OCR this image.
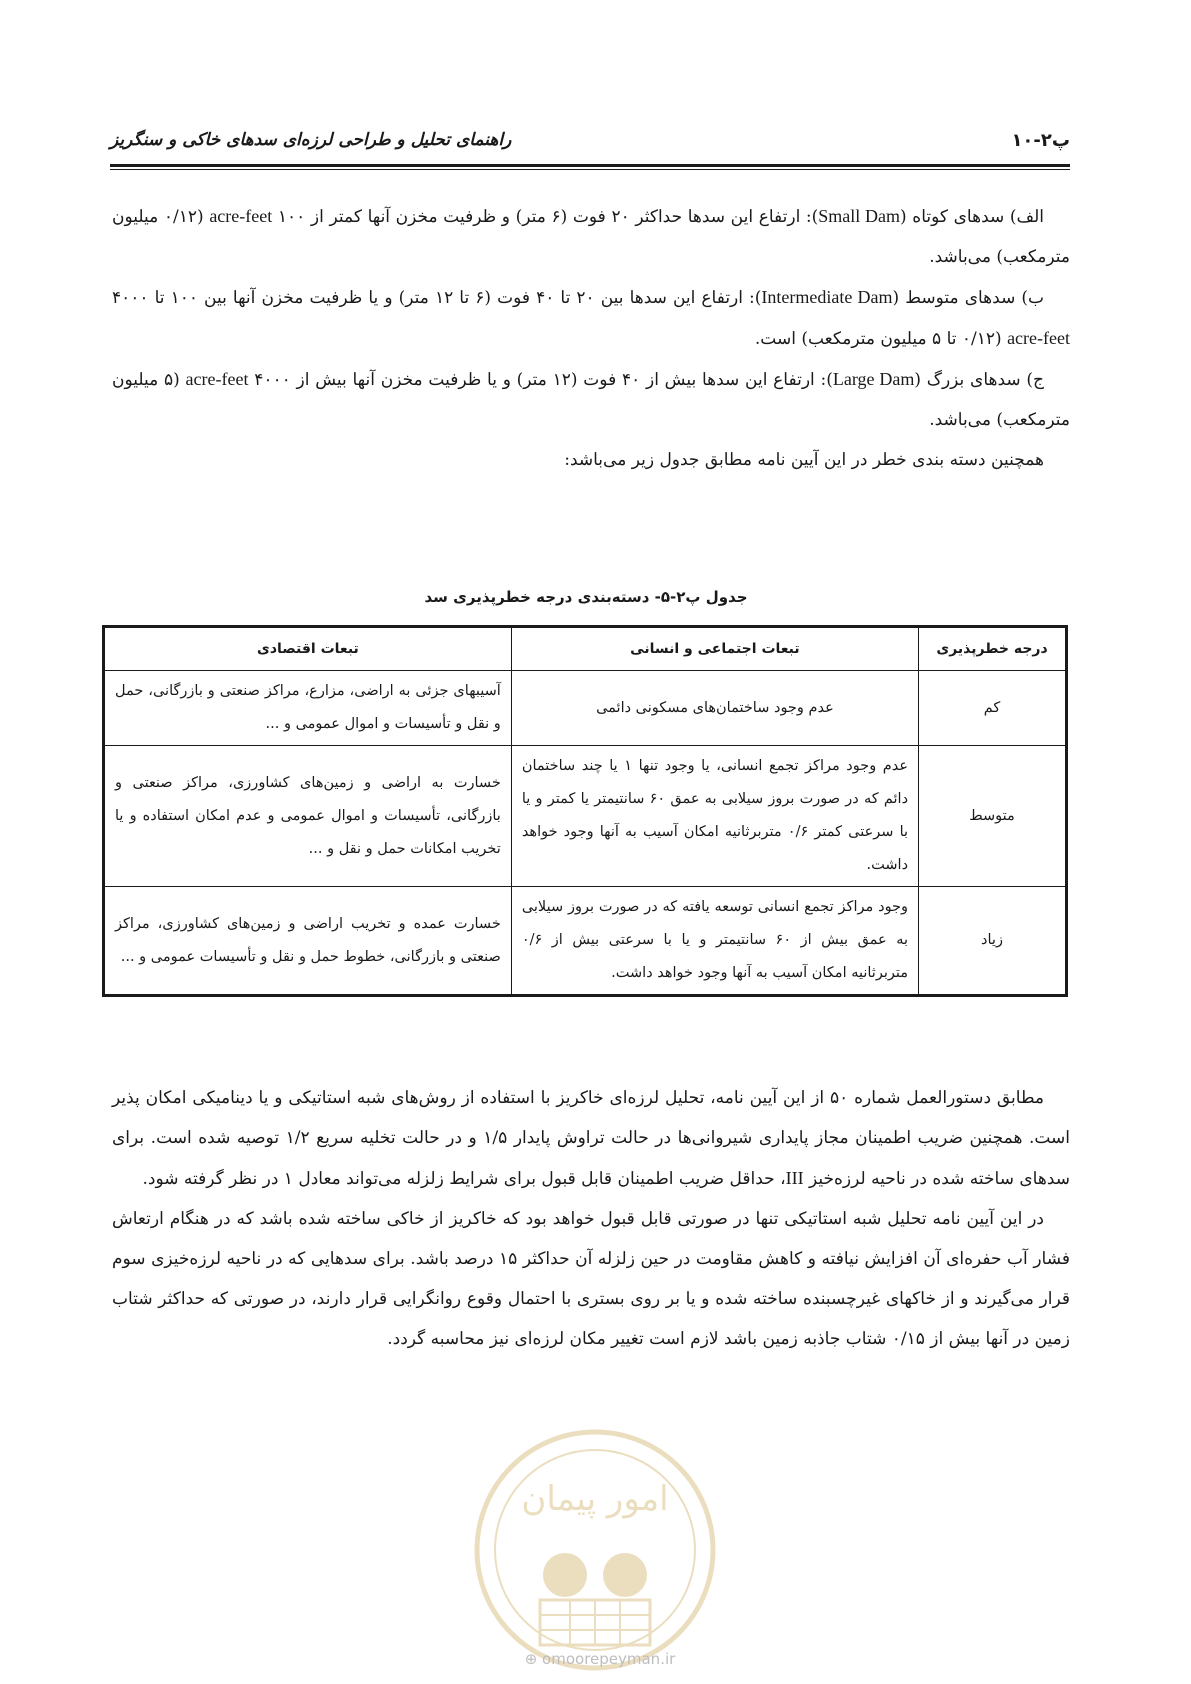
پ۲-۱۰
راهنمای تحلیل و طراحی لرزه‌ای سدهای خاکی و سنگریز

الف) سدهای کوتاه (Small Dam): ارتفاع این سدها حداکثر ۲۰ فوت (۶ متر) و ظرفیت مخزن آنها کمتر از ۱۰۰ acre-feet (۰/۱۲ میلیون مترمکعب) می‌باشد.

ب) سدهای متوسط (Intermediate Dam): ارتفاع این سدها بین ۲۰ تا ۴۰ فوت (۶ تا ۱۲ متر) و یا ظرفیت مخزن آنها بین ۱۰۰ تا ۴۰۰۰ acre-feet (۰/۱۲ تا ۵ میلیون مترمکعب) است.

ج) سدهای بزرگ (Large Dam): ارتفاع این سدها بیش از ۴۰ فوت (۱۲ متر) و یا ظرفیت مخزن آنها بیش از ۴۰۰۰ acre-feet (۵ میلیون مترمکعب) می‌باشد.

همچنین دسته بندی خطر در این آیین نامه مطابق جدول زیر می‌باشد:

جدول پ۲-۵- دسته‌بندی درجه خطرپذیری سد
درجه خطرپذیری	تبعات اجتماعی و انسانی	تبعات اقتصادی
کم	عدم وجود ساختمان‌های مسکونی دائمی	آسیبهای جزئی به اراضی، مزارع، مراکز صنعتی و بازرگانی، حمل و نقل و تأسیسات و اموال عمومی و ...
متوسط	عدم وجود مراکز تجمع انسانی، یا وجود تنها ۱ یا چند ساختمان دائم که در صورت بروز سیلابی به عمق ۶۰ سانتیمتر یا کمتر و یا با سرعتی کمتر ۰/۶ متربرثانیه امکان آسیب به آنها وجود خواهد داشت.	خسارت به اراضی و زمین‌های کشاورزی، مراکز صنعتی و بازرگانی، تأسیسات و اموال عمومی و عدم امکان استفاده و یا تخریب امکانات حمل و نقل و ...
زیاد	وجود مراکز تجمع انسانی توسعه یافته که در صورت بروز سیلابی به عمق بیش از ۶۰ سانتیمتر و یا با سرعتی بیش از ۰/۶ متربرثانیه امکان آسیب به آنها وجود خواهد داشت.	خسارت عمده و تخریب اراضی و زمین‌های کشاورزی، مراکز صنعتی و بازرگانی، خطوط حمل و نقل و تأسیسات عمومی و ...

مطابق دستورالعمل شماره ۵۰ از این آیین نامه، تحلیل لرزه‌ای خاکریز با استفاده از روش‌های شبه استاتیکی و یا دینامیکی امکان پذیر است. همچنین ضریب اطمینان مجاز پایداری شیروانی‌ها در حالت تراوش پایدار ۱/۵ و در حالت تخلیه سریع ۱/۲ توصیه شده است. برای سدهای ساخته شده در ناحیه لرزه‌خیز III، حداقل ضریب اطمینان قابل قبول برای شرایط زلزله می‌تواند معادل ۱ در نظر گرفته شود.

در این آیین نامه تحلیل شبه استاتیکی تنها در صورتی قابل قبول خواهد بود که خاکریز از خاکی ساخته شده باشد که در هنگام ارتعاش فشار آب حفره‌ای آن افزایش نیافته و کاهش مقاومت در حین زلزله آن حداکثر ۱۵ درصد باشد. برای سدهایی که در ناحیه لرزه‌خیزی سوم قرار می‌گیرند و از خاکهای غیرچسبنده ساخته شده و یا بر روی بستری با احتمال وقوع روانگرایی قرار دارند، در صورتی که حداکثر شتاب زمین در آنها بیش از ۰/۱۵ شتاب جاذبه زمین باشد لازم است تغییر مکان لرزه‌ای نیز محاسبه گردد.

امور پیمان
⊕ omoorepeyman.ir
